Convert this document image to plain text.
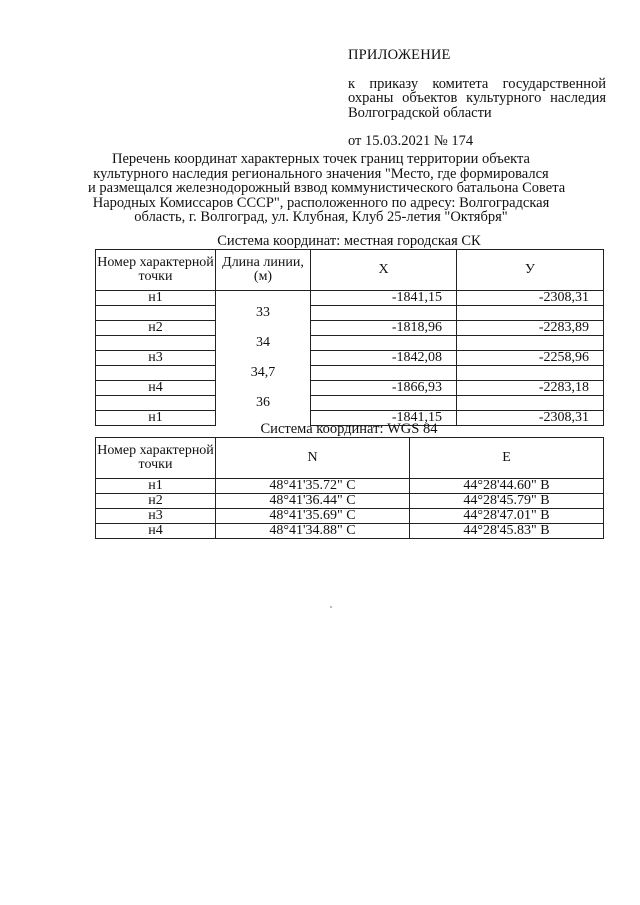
ПРИЛОЖЕНИЕ
к приказу комитета государственной охраны объектов культурного наследия Волгоградской области
от 15.03.2021 № 174
Перечень координат характерных точек границ территории объекта
культурного наследия регионального значения "Место, где формировался
и размещался железнодорожный взвод коммунистического батальона Совета
Народных Комиссаров СССР", расположенного по адресу: Волгоградская
область, г. Волгоград, ул. Клубная, Клуб 25-летия "Октября"
Система координат: местная городская СК
Номер характерной точки	Длина линии, (м)	X	У
н1		-1841,15	-2308,31
	33		
н2		-1818,96	-2283,89
	34		
н3		-1842,08	-2258,96
	34,7		
н4		-1866,93	-2283,18
	36		
н1		-1841,15	-2308,31
Система координат: WGS 84
Номер характерной точки	N	E
н1	48°41'35.72" С	44°28'44.60" В
н2	48°41'36.44" С	44°28'45.79" В
н3	48°41'35.69" С	44°28'47.01" В
н4	48°41'34.88" С	44°28'45.83" В
